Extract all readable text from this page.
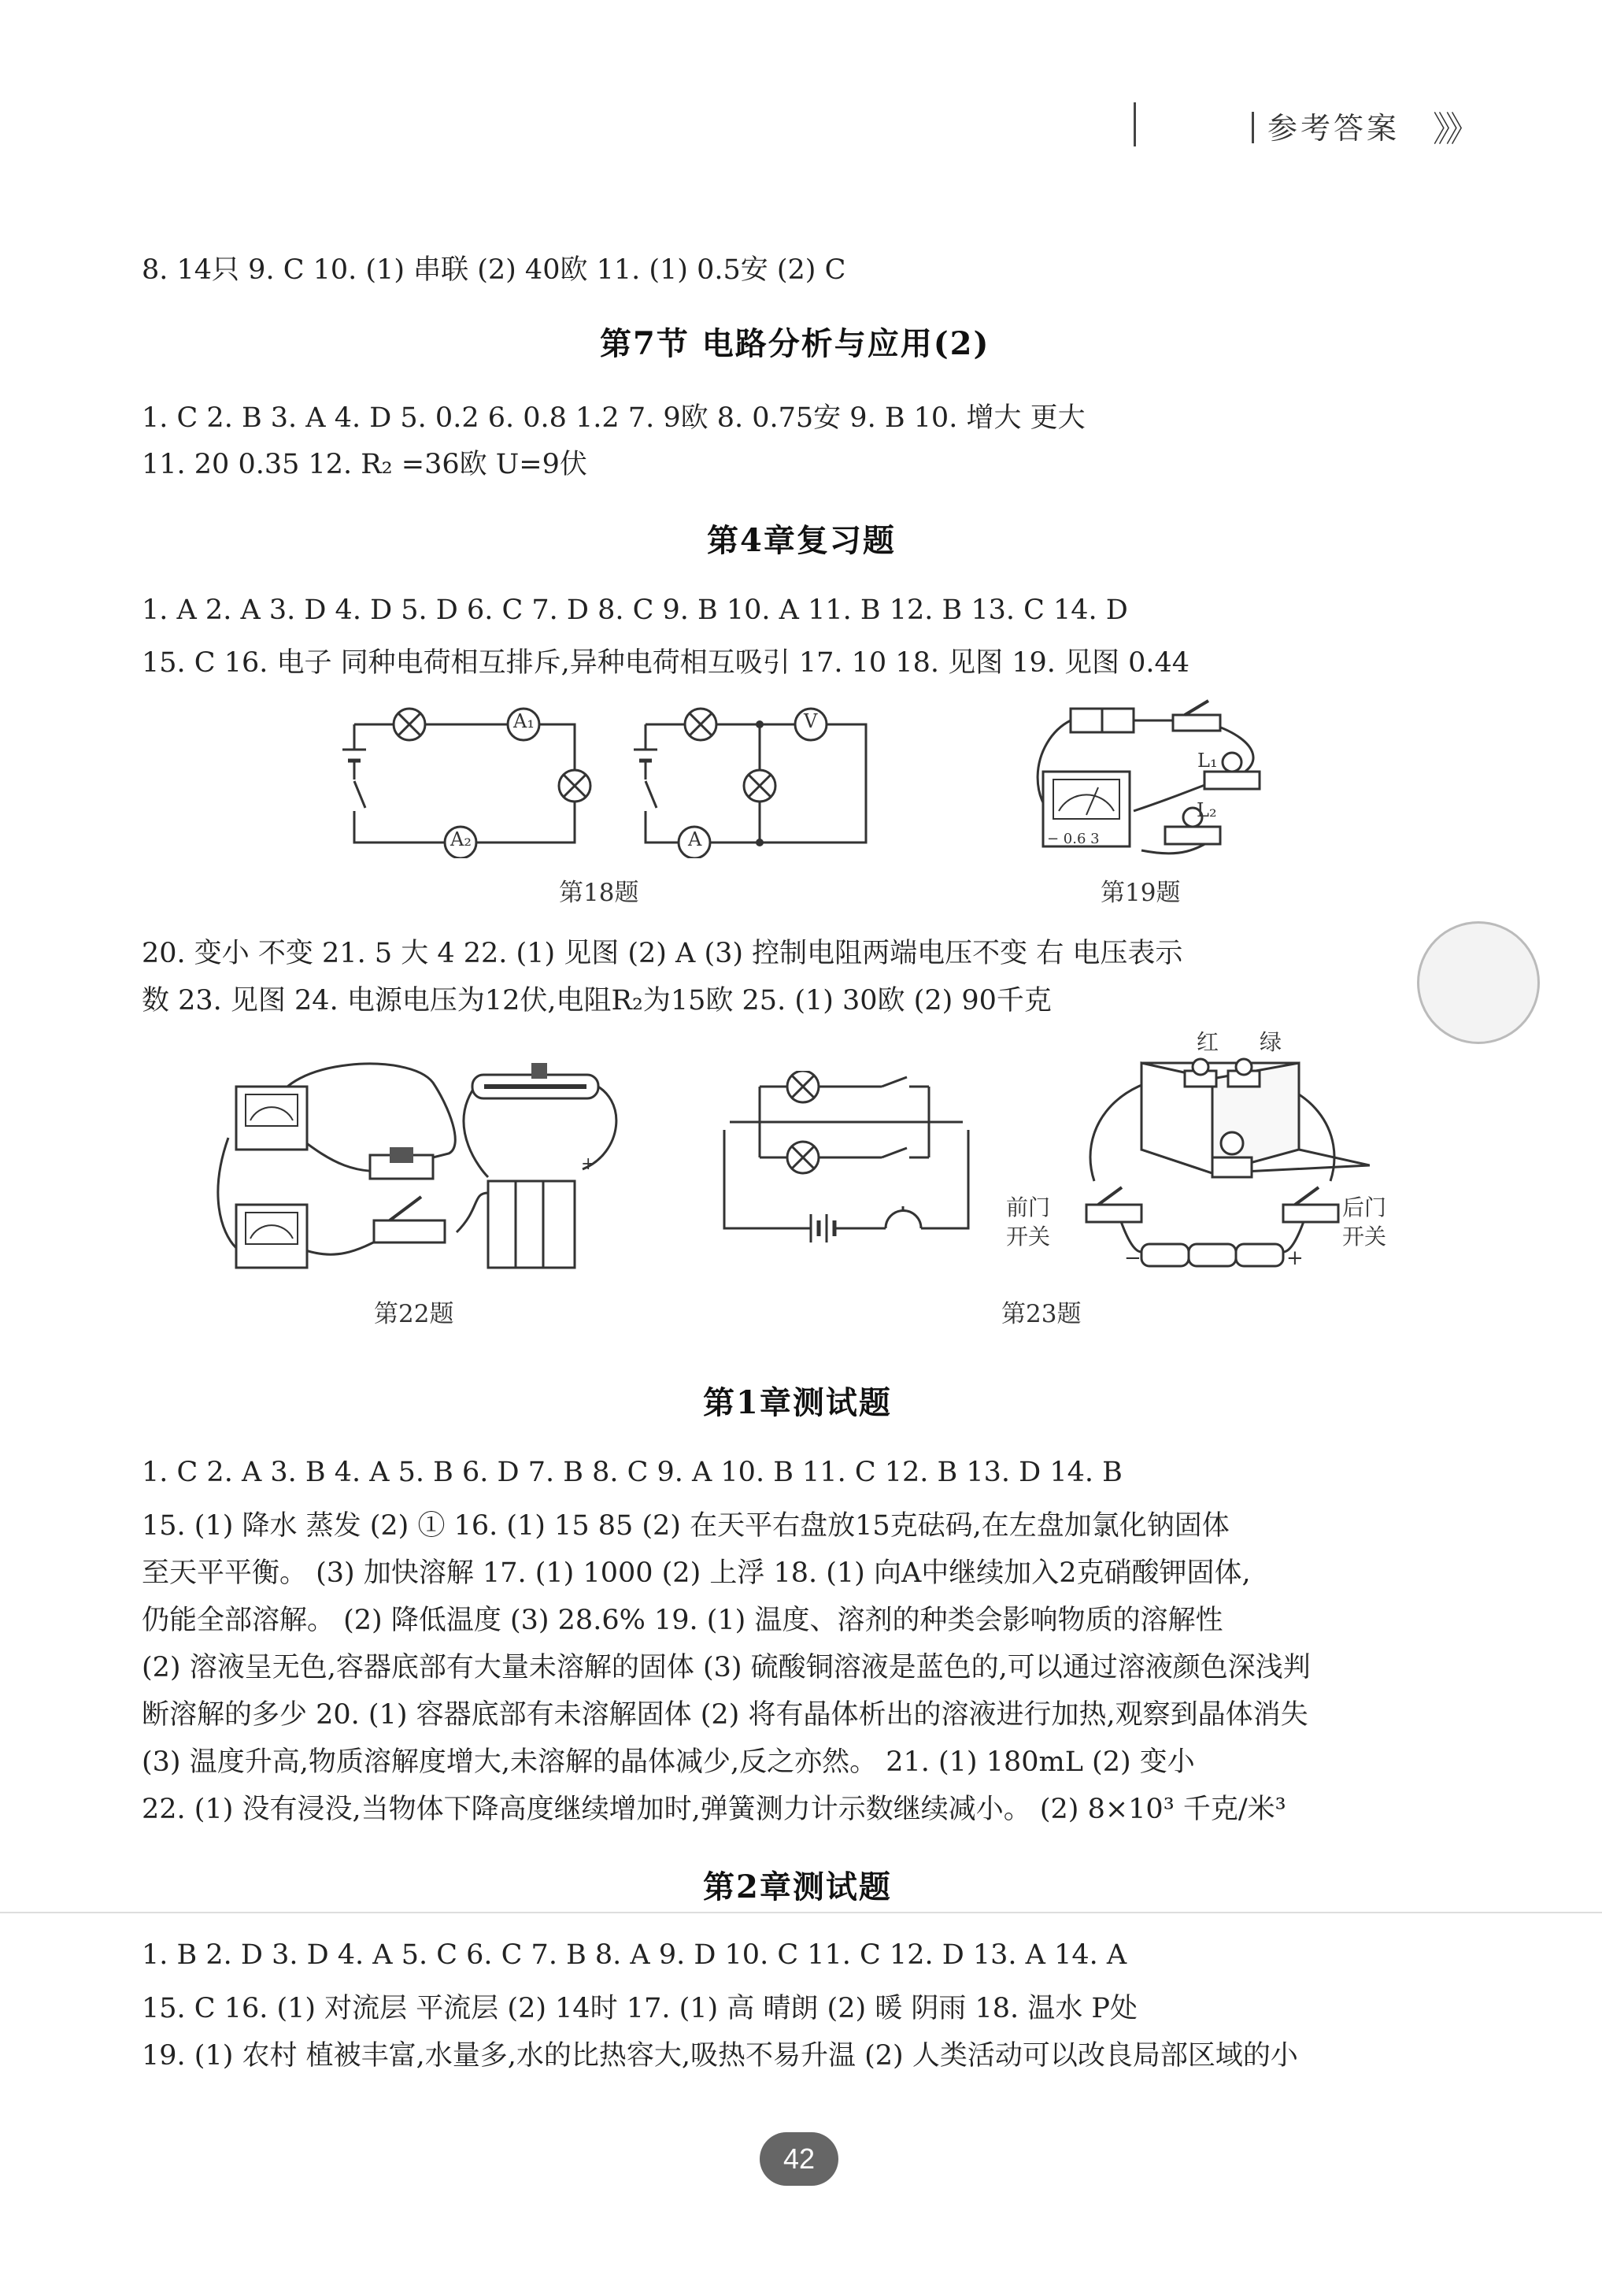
参考答案 》》
8. 14只 9. C 10. (1) 串联 (2) 40欧 11. (1) 0.5安 (2) C
第7节 电路分析与应用(2)
1. C 2. B 3. A 4. D 5. 0.2 6. 0.8 1.2 7. 9欧 8. 0.75安 9. B 10. 增大 更大
11. 20 0.35 12. R₂ =36欧 U=9伏
第4章复习题
1. A 2. A 3. D 4. D 5. D 6. C 7. D 8. C 9. B 10. A 11. B 12. B 13. C 14. D
15. C 16. 电子 同种电荷相互排斥,异种电荷相互吸引 17. 10 18. 见图 19. 见图 0.44
A₁
A₂
V
A
L₁
L₂
− 0.6 3
第18题	第19题
20. 变小 不变 21. 5 大 4 22. (1) 见图 (2) A (3) 控制电阻两端电压不变 右 电压表示
数 23. 见图 24. 电源电压为12伏,电阻R₂为15欧 25. (1) 30欧 (2) 90千克
+
−	+
红 绿
前门
开关
后门
开关
第22题	第23题
第1章测试题
1. C 2. A 3. B 4. A 5. B 6. D 7. B 8. C 9. A 10. B 11. C 12. B 13. D 14. B
15. (1) 降水 蒸发 (2) ① 16. (1) 15 85 (2) 在天平右盘放15克砝码,在左盘加氯化钠固体
至天平平衡。 (3) 加快溶解 17. (1) 1000 (2) 上浮 18. (1) 向A中继续加入2克硝酸钾固体,
仍能全部溶解。 (2) 降低温度 (3) 28.6% 19. (1) 温度、溶剂的种类会影响物质的溶解性
(2) 溶液呈无色,容器底部有大量未溶解的固体 (3) 硫酸铜溶液是蓝色的,可以通过溶液颜色深浅判
断溶解的多少 20. (1) 容器底部有未溶解固体 (2) 将有晶体析出的溶液进行加热,观察到晶体消失
(3) 温度升高,物质溶解度增大,未溶解的晶体减少,反之亦然。 21. (1) 180mL (2) 变小
22. (1) 没有浸没,当物体下降高度继续增加时,弹簧测力计示数继续减小。 (2) 8×10³ 千克/米³
第2章测试题
1. B 2. D 3. D 4. A 5. C 6. C 7. B 8. A 9. D 10. C 11. C 12. D 13. A 14. A
15. C 16. (1) 对流层 平流层 (2) 14时 17. (1) 高 晴朗 (2) 暖 阴雨 18. 温水 P处
19. (1) 农村 植被丰富,水量多,水的比热容大,吸热不易升温 (2) 人类活动可以改良局部区域的小
42
